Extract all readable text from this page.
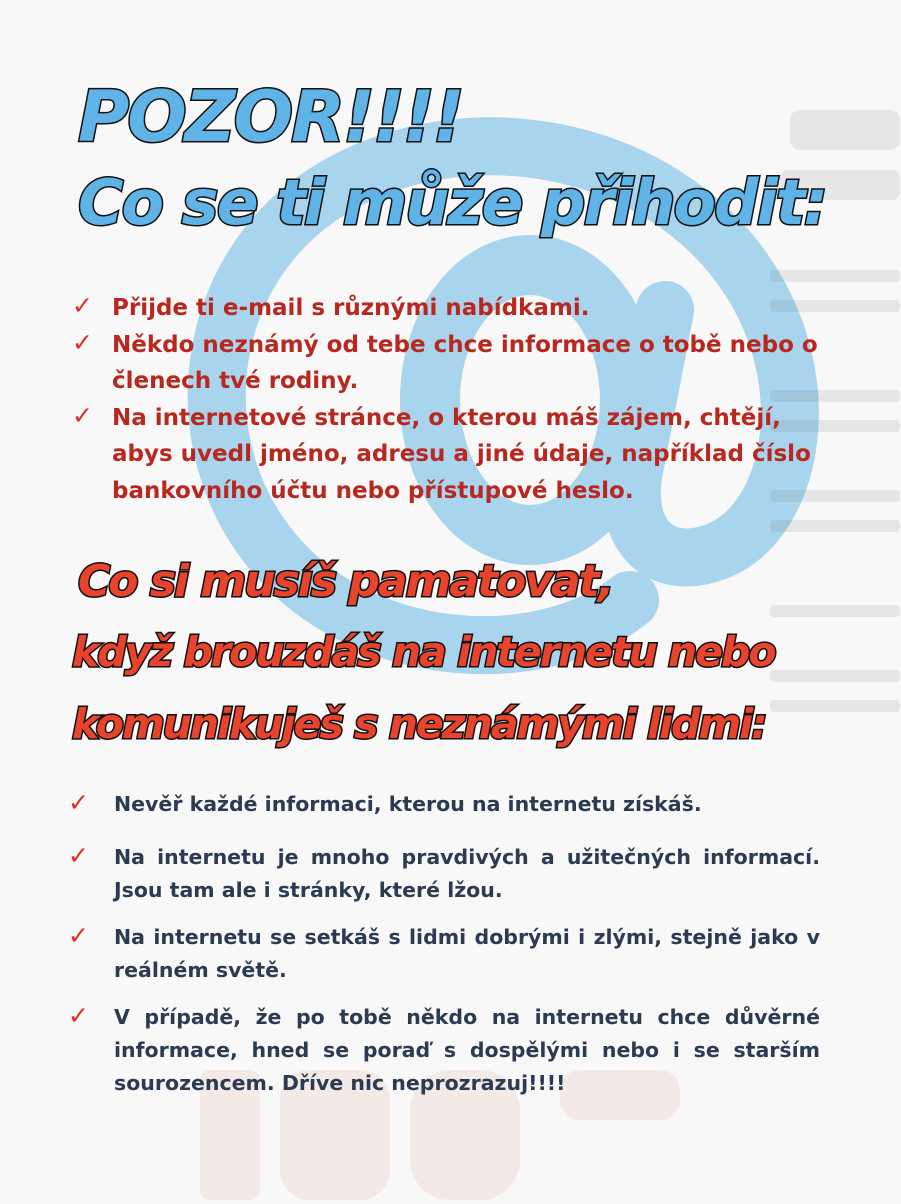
POZOR!!!!
Co se ti může přihodit:
✓ Přijde ti e-mail s různými nabídkami.
✓ Někdo neznámý od tebe chce informace o tobě nebo o členech tvé rodiny.
✓ Na internetové stránce, o kterou máš zájem, chtějí, abys uvedl jméno, adresu a jiné údaje, například číslo bankovního účtu nebo přístupové heslo.
Co si musíš pamatovat,
když brouzdáš na internetu nebo
komunikuješ s neznámými lidmi:
✓ Nevěř každé informaci, kterou na internetu získáš.
✓ Na internetu je mnoho pravdivých a užitečných informací. Jsou tam ale i stránky, které lžou.
✓ Na internetu se setkáš s lidmi dobrými i zlými, stejně jako v reálném světě.
✓ V případě, že po tobě někdo na internetu chce důvěrné informace, hned se poraď s dospělými nebo i se starším sourozencem. Dříve nic neprozrazuj!!!!
